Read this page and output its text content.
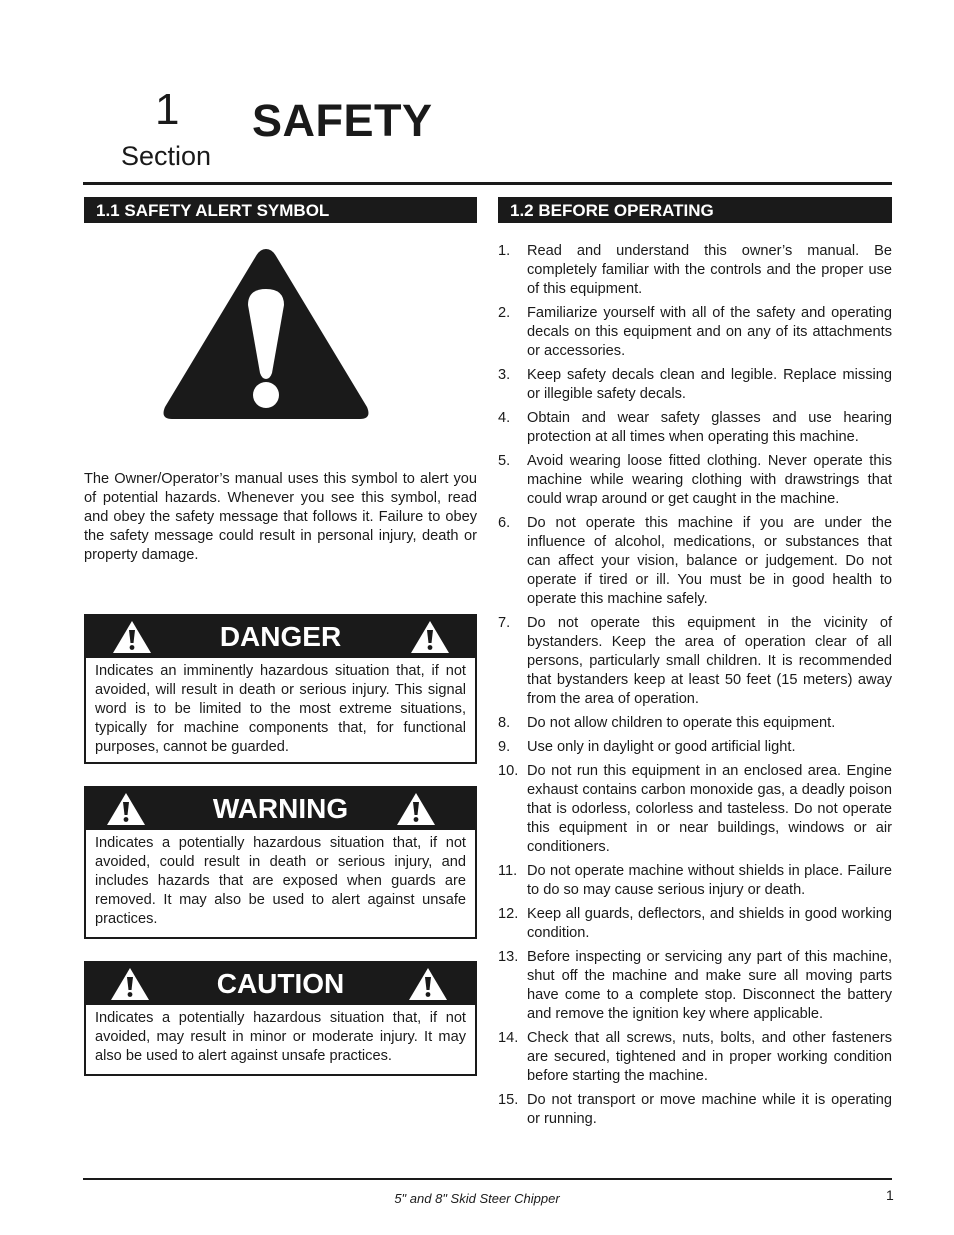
1
Section
SAFETY
1.1 SAFETY ALERT SYMBOL	1.2 BEFORE OPERATING
The Owner/Operator’s manual uses this symbol to alert you of potential hazards. Whenever you see this symbol, read and obey the safety message that follows it. Failure to obey the safety message could result in personal injury, death or property damage.
DANGER
Indicates an imminently hazardous situation that, if not avoided, will result in death or serious injury. This signal word is to be limited to the most extreme situations, typically for machine components that, for functional purposes, cannot be guarded.
WARNING
Indicates a potentially hazardous situation that, if not avoided, could result in death or serious injury, and includes hazards that are exposed when guards are removed. It may also be used to alert against unsafe practices.
CAUTION
Indicates a potentially hazardous situation that, if not avoided, may result in minor or moderate injury. It may also be used to alert against unsafe practices.
1. Read and understand this owner’s manual. Be completely familiar with the controls and the proper use of this equipment.
2. Familiarize yourself with all of the safety and operating decals on this equipment and on any of its attachments or accessories.
3. Keep safety decals clean and legible. Replace missing or illegible safety decals.
4. Obtain and wear safety glasses and use hearing protection at all times when operating this machine.
5. Avoid wearing loose fitted clothing. Never operate this machine while wearing clothing with drawstrings that could wrap around or get caught in the machine.
6. Do not operate this machine if you are under the influence of alcohol, medications, or substances that can affect your vision, balance or judgement. Do not operate if tired or ill. You must be in good health to operate this machine safely.
7. Do not operate this equipment in the vicinity of bystanders. Keep the area of operation clear of all persons, particularly small children. It is recommended that bystanders keep at least 50 feet (15 meters) away from the area of operation.
8. Do not allow children to operate this equipment.
9. Use only in daylight or good artificial light.
10. Do not run this equipment in an enclosed area. Engine exhaust contains carbon monoxide gas, a deadly poison that is odorless, colorless and tasteless. Do not operate this equipment in or near buildings, windows or air conditioners.
11. Do not operate machine without shields in place. Failure to do so may cause serious injury or death.
12. Keep all guards, deflectors, and shields in good working condition.
13. Before inspecting or servicing any part of this machine, shut off the machine and make sure all moving parts have come to a complete stop. Disconnect the battery and remove the ignition key where applicable.
14. Check that all screws, nuts, bolts, and other fasteners are secured, tightened and in proper working condition before starting the machine.
15. Do not transport or move machine while it is operating or running.
5" and 8" Skid Steer Chipper	1
